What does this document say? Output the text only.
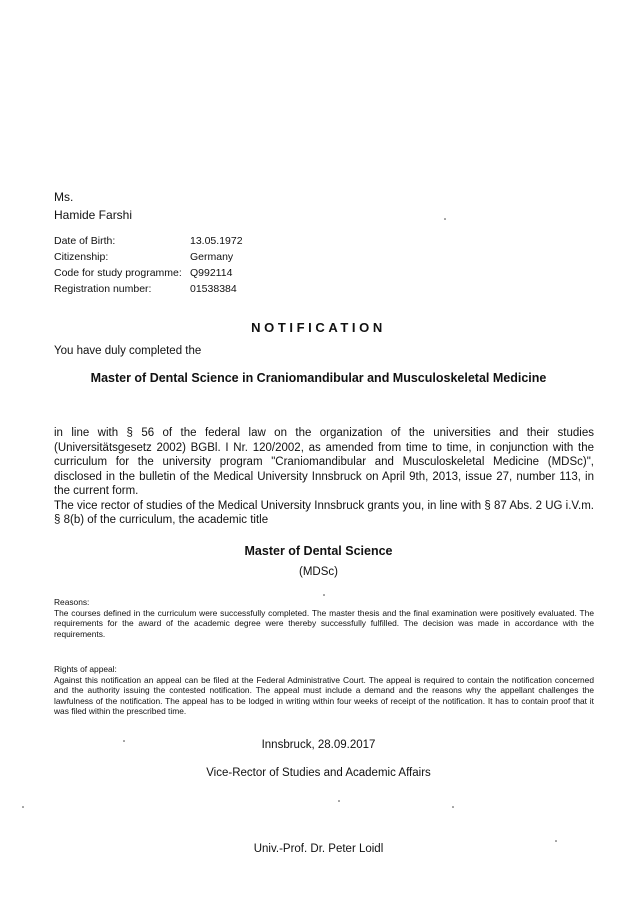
Ms.
Hamide Farshi
Date of Birth:	13.05.1972
Citizenship:	Germany
Code for study programme: Q992114
Registration number:	01538384
NOTIFICATION
You have duly completed the
Master of Dental Science in Craniomandibular and Musculoskeletal Medicine
in line with § 56 of the federal law on the organization of the universities and their studies (Universitätsgesetz 2002) BGBl. I Nr. 120/2002, as amended from time to time, in conjunction with the curriculum for the university program "Craniomandibular and Musculoskeletal Medicine (MDSc)", disclosed in the bulletin of the Medical University Innsbruck on April 9th, 2013, issue 27, number 113, in the current form.
The vice rector of studies of the Medical University Innsbruck grants you, in line with § 87 Abs. 2 UG i.V.m. § 8(b) of the curriculum, the academic title
Master of Dental Science
(MDSc)
Reasons:
The courses defined in the curriculum were successfully completed. The master thesis and the final examination were positively evaluated. The requirements for the award of the academic degree were thereby successfully fulfilled. The decision was made in accordance with the requirements.
Rights of appeal:
Against this notification an appeal can be filed at the Federal Administrative Court. The appeal is required to contain the notification concerned and the authority issuing the contested notification. The appeal must include a demand and the reasons why the appellant challenges the lawfulness of the notification. The appeal has to be lodged in writing within four weeks of receipt of the notification. It has to contain proof that it was filed within the prescribed time.
Innsbruck, 28.09.2017
Vice-Rector of Studies and Academic Affairs
Univ.-Prof. Dr. Peter Loidl
